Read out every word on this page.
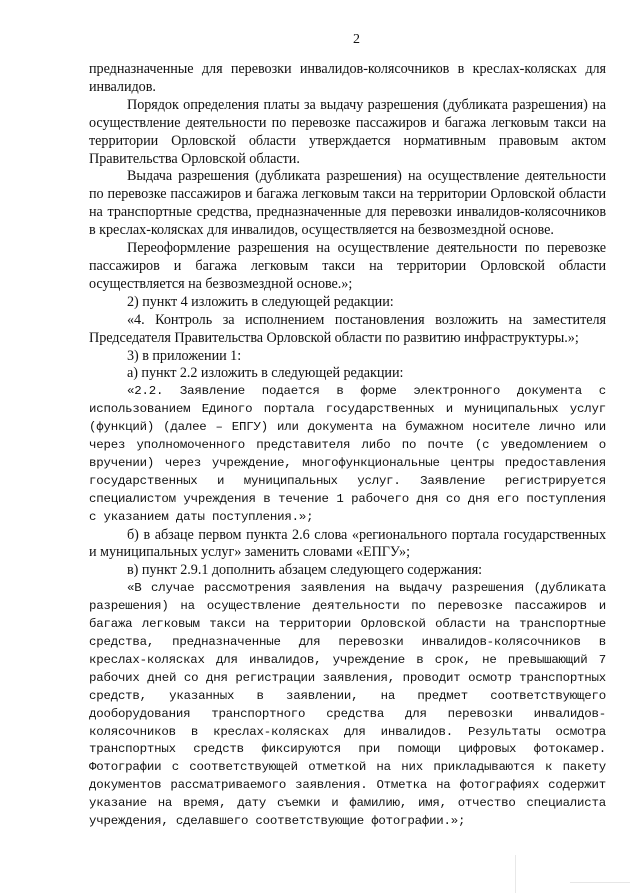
2

предназначенные для перевозки инвалидов-колясочников в креслах-колясках для инвалидов.

Порядок определения платы за выдачу разрешения (дубликата разрешения) на осуществление деятельности по перевозке пассажиров и багажа легковым такси на территории Орловской области утверждается нормативным правовым актом Правительства Орловской области.

Выдача разрешения (дубликата разрешения) на осуществление деятельности по перевозке пассажиров и багажа легковым такси на территории Орловской области на транспортные средства, предназначенные для перевозки инвалидов-колясочников в креслах-колясках для инвалидов, осуществляется на безвозмездной основе.

Переоформление разрешения на осуществление деятельности по перевозке пассажиров и багажа легковым такси на территории Орловской области осуществляется на безвозмездной основе.»;

2) пункт 4 изложить в следующей редакции:

«4. Контроль за исполнением постановления возложить на заместителя Председателя Правительства Орловской области по развитию инфраструктуры.»;

3) в приложении 1:

а) пункт 2.2 изложить в следующей редакции:

«2.2. Заявление подается в форме электронного документа с использованием Единого портала государственных и муниципальных услуг (функций) (далее – ЕПГУ) или документа на бумажном носителе лично или через уполномоченного представителя либо по почте (с уведомлением о вручении) через учреждение, многофункциональные центры предоставления государственных и муниципальных услуг. Заявление регистрируется специалистом учреждения в течение 1 рабочего дня со дня его поступления с указанием даты поступления.»;

б) в абзаце первом пункта 2.6 слова «регионального портала государственных и муниципальных услуг» заменить словами «ЕПГУ»;

в) пункт 2.9.1 дополнить абзацем следующего содержания:

«В случае рассмотрения заявления на выдачу разрешения (дубликата разрешения) на осуществление деятельности по перевозке пассажиров и багажа легковым такси на территории Орловской области на транспортные средства, предназначенные для перевозки инвалидов-колясочников в креслах-колясках для инвалидов, учреждение в срок, не превышающий 7 рабочих дней со дня регистрации заявления, проводит осмотр транспортных средств, указанных в заявлении, на предмет соответствующего дооборудования транспортного средства для перевозки инвалидов-колясочников в креслах-колясках для инвалидов. Результаты осмотра транспортных средств фиксируются при помощи цифровых фотокамер. Фотографии с соответствующей отметкой на них прикладываются к пакету документов рассматриваемого заявления. Отметка на фотографиях содержит указание на время, дату съемки и фамилию, имя, отчество специалиста учреждения, сделавшего соответствующие фотографии.»;
